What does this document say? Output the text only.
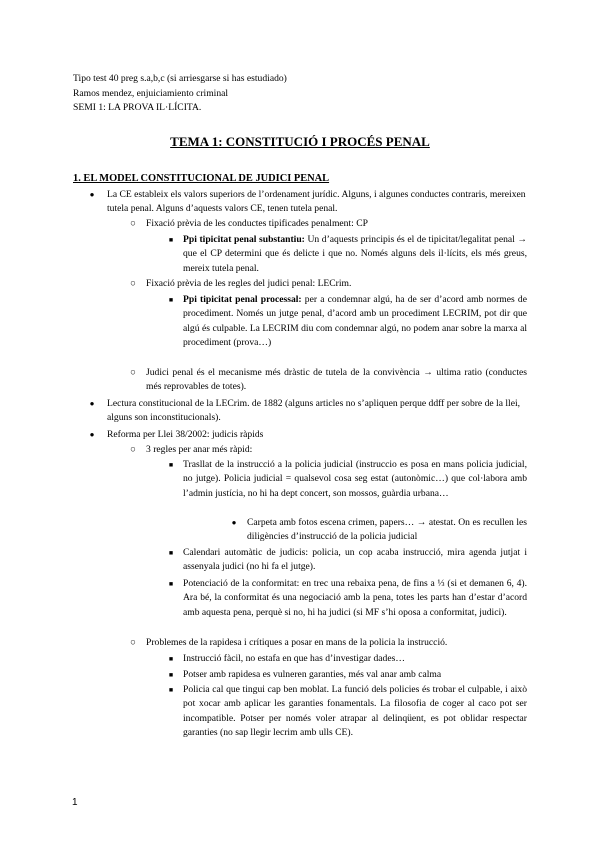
Tipo test 40 preg s.a,b,c (si arriesgarse si has estudiado)
Ramos mendez, enjuiciamiento criminal
SEMI 1: LA PROVA IL·LÍCITA.
TEMA 1: CONSTITUCIÓ I PROCÉS PENAL
1. EL MODEL CONSTITUCIONAL DE JUDICI PENAL
● La CE estableix els valors superiors de l’ordenament jurídic. Alguns, i algunes conductes contraris, mereixen tutela penal. Alguns d’aquests valors CE, tenen tutela penal.
○ Fixació prèvia de les conductes tipificades penalment: CP
■	Ppi tipicitat penal substantiu: Un d’aquests principis és el de tipicitat/legalitat penal → que el CP determini que és delicte i que no. Només alguns dels il·lícits, els més greus, mereix tutela penal.
○ Fixació prèvia de les regles del judici penal: LECrim.
■	Ppi tipicitat penal processal: per a condemnar algú, ha de ser d’acord amb normes de procediment. Només un jutge penal, d’acord amb un procediment LECRIM, pot dir que algú és culpable. La LECRIM diu com condemnar algú, no podem anar sobre la marxa al procediment (prova…)
○ Judici penal és el mecanisme més dràstic de tutela de la convivència → ultima ratio (conductes més reprovables de totes).
● Lectura constitucional de la LECrim. de 1882 (alguns articles no s’apliquen perque ddff per sobre de la llei, alguns son inconstitucionals).
● Reforma per Llei 38/2002: judicis ràpids
○ 3 regles per anar més ràpid:
■	Trasllat de la instrucció a la policia judicial (instruccio es posa en mans policia judicial, no jutge). Policia judicial = qualsevol cosa seg estat (autonòmic…) que col·labora amb l’admin justícia, no hi ha dept concert, son mossos, guàrdia urbana…
● Carpeta amb fotos escena crimen, papers… → atestat. On es recullen les diligències d’instrucció de la policia judicial
■	Calendari automàtic de judicis: policia, un cop acaba instrucció, mira agenda jutjat i assenyala judici (no hi fa el jutge).
■	Potenciació de la conformitat: en trec una rebaixa pena, de fins a ⅓ (si et demanen 6, 4). Ara bé, la conformitat és una negociació amb la pena, totes les parts han d’estar d’acord amb aquesta pena, perquè si no, hi ha judici (si MF s’hi oposa a conformitat, judici).
○ Problemes de la rapidesa i crítiques a posar en mans de la policia la instrucció.
■	Instrucció fàcil, no estafa en que has d’investigar dades…
■	Potser amb rapidesa es vulneren garanties, més val anar amb calma
■	Policia cal que tingui cap ben moblat. La funció dels policies és trobar el culpable, i això pot xocar amb aplicar les garanties fonamentals. La filosofia de coger al caco pot ser incompatible. Potser per només voler atrapar al delinqüent, es pot oblidar respectar garanties (no sap llegir lecrim amb ulls CE).
1
